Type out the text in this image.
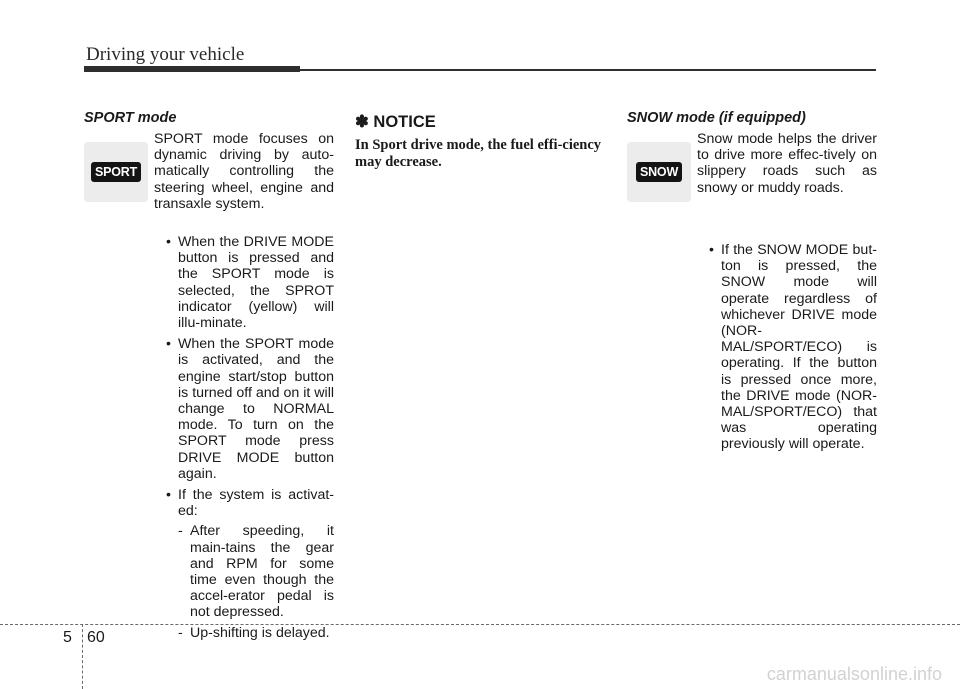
Driving your vehicle
SPORT mode
SPORT

SPORT mode focuses on dynamic driving by auto-matically controlling the steering wheel, engine and transaxle system.

• When the DRIVE MODE button is pressed and the SPORT mode is selected, the SPROT indicator (yellow) will illu-minate.
• When the SPORT mode is activated, and the engine start/stop button is turned off and on it will change to NORMAL mode. To turn on the SPORT mode press DRIVE MODE button again.
• If the system is activat-ed:
- After speeding, it main-tains the gear and RPM for some time even though the accel-erator pedal is not depressed.
- Up-shifting is delayed.
✽ NOTICE

In Sport drive mode, the fuel effi-ciency may decrease.

SNOW mode (if equipped)
SNOW

Snow mode helps the driver to drive more effec-tively on slippery roads such as snowy or muddy roads.

• If the SNOW MODE but-ton is pressed, the SNOW mode will operate regardless of whichever DRIVE mode (NOR-MAL/SPORT/ECO) is operating. If the button is pressed once more, the DRIVE mode (NOR-MAL/SPORT/ECO) that was operating previously will operate.
5 60
carmanualsonline.info
